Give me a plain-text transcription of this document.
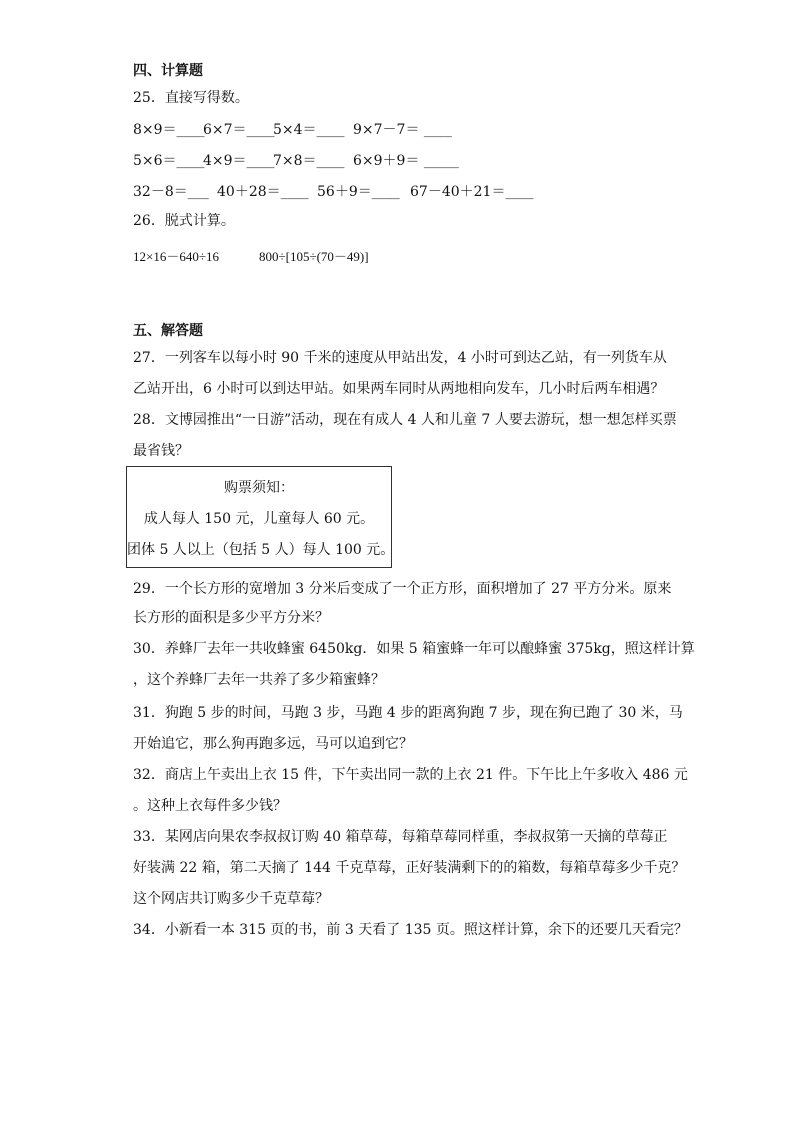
四、计算题
25．直接写得数。
8×9＝____
6×7＝____
5×4＝____ 9×7－7＝ ____
5×6＝____
4×9＝____
7×8＝____ 6×9＋9＝ _____
32－8＝___ 40＋28＝____ 56＋9＝____ 67－40＋21＝____
26．脱式计算。
12×16－640÷16	800÷[105÷(70－49)]
五、解答题
27．一列客车以每小时 90 千米的速度从甲站出发，4 小时可到达乙站，有一列货车从
乙站开出，6 小时可以到达甲站。如果两车同时从两地相向发车，几小时后两车相遇？
28．文博园推出“一日游”活动，现在有成人 4 人和儿童 7 人要去游玩，想一想怎样买票
最省钱？
购票须知：
成人每人 150 元，儿童每人 60 元。
团体 5 人以上（包括 5 人）每人 100 元。
29．一个长方形的宽增加 3 分米后变成了一个正方形，面积增加了 27 平方分米。原来
长方形的面积是多少平方分米？
30．养蜂厂去年一共收蜂蜜 6450kg．如果 5 箱蜜蜂一年可以酿蜂蜜 375kg，照这样计算
，这个养蜂厂去年一共养了多少箱蜜蜂？
31．狗跑 5 步的时间，马跑 3 步，马跑 4 步的距离狗跑 7 步，现在狗已跑了 30 米，马
开始追它，那么狗再跑多远，马可以追到它？
32．商店上午卖出上衣 15 件，下午卖出同一款的上衣 21 件。下午比上午多收入 486 元
。这种上衣每件多少钱？
33．某网店向果农李叔叔订购 40 箱草莓，每箱草莓同样重，李叔叔第一天摘的草莓正
好装满 22 箱，第二天摘了 144 千克草莓，正好装满剩下的的箱数，每箱草莓多少千克？
这个网店共订购多少千克草莓？
34．小新看一本 315 页的书，前 3 天看了 135 页。照这样计算，余下的还要几天看完？
